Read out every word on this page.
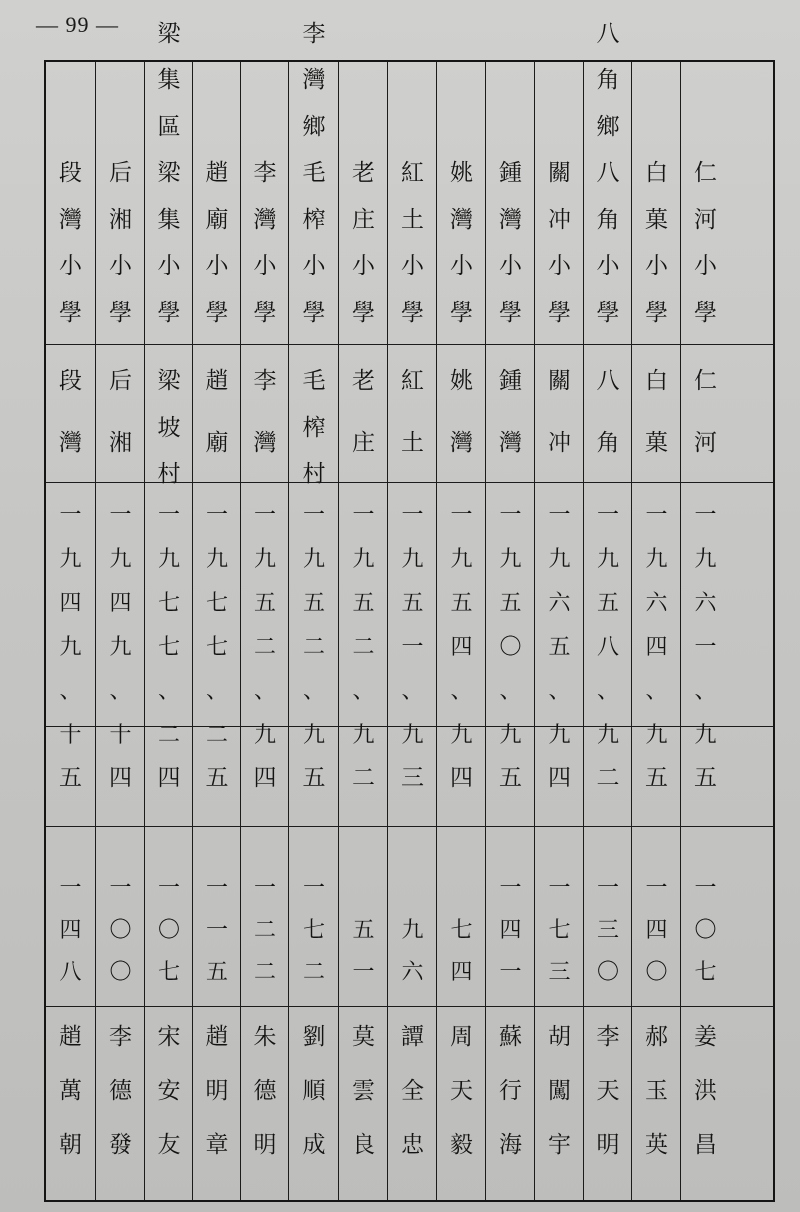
— 99 —
段
灣
小
學
段
灣
一
九
四
九
、
十
五
一
四
八
趙
萬
朝
后
湘
小
學
后
湘
一
九
四
九
、
十
四
一
〇
〇
李
德
發
梁
集
區
梁
集
小
學
梁
坡
村
一
九
七
七
、
二
四
一
〇
七
宋
安
友
趙
廟
小
學
趙
廟
一
九
七
七
、
二
五
一
一
五
趙
明
章
李
灣
小
學
李
灣
一
九
五
二
、
九
四
一
二
二
朱
德
明
李
灣
鄉
毛
榨
小
學
毛
榨
村
一
九
五
二
、
九
五
一
七
二
劉
順
成
老
庄
小
學
老
庄
一
九
五
二
、
九
二
五
一
莫
雲
良
紅
土
小
學
紅
土
一
九
五
一
、
九
三
九
六
譚
全
忠
姚
灣
小
學
姚
灣
一
九
五
四
、
九
四
七
四
周
天
毅
鍾
灣
小
學
鍾
灣
一
九
五
〇
、
九
五
一
四
一
蘇
行
海
關
冲
小
學
關
冲
一
九
六
五
、
九
四
一
七
三
胡
闖
宇
八
角
鄉
八
角
小
學
八
角
一
九
五
八
、
九
二
一
三
〇
李
天
明
白
菓
小
學
白
菓
一
九
六
四
、
九
五
一
四
〇
郝
玉
英
仁
河
小
學
仁
河
一
九
六
一
、
九
五
一
〇
七
姜
洪
昌
